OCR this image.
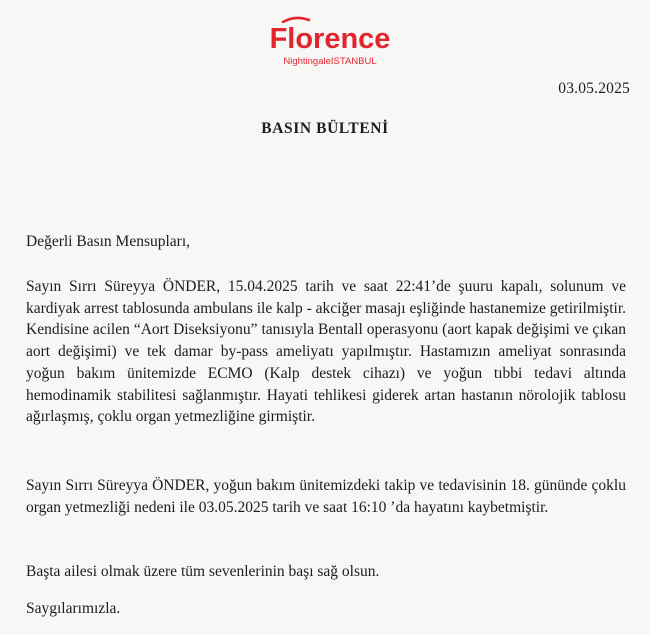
Florence
NightingaleISTANBUL
03.05.2025
BASIN BÜLTENİ
Değerli Basın Mensupları,

Sayın Sırrı Süreyya ÖNDER, 15.04.2025 tarih ve saat 22:41’de şuuru kapalı, solunum ve kardiyak arrest tablosunda ambulans ile kalp - akciğer masajı eşliğinde hastanemize getirilmiştir. Kendisine acilen “Aort Diseksiyonu” tanısıyla Bentall operasyonu (aort kapak değişimi ve çıkan aort değişimi) ve tek damar by-pass ameliyatı yapılmıştır. Hastamızın ameliyat sonrasında yoğun bakım ünitemizde ECMO (Kalp destek cihazı) ve yoğun tıbbi tedavi altında hemodinamik stabilitesi sağlanmıştır. Hayati tehlikesi giderek artan hastanın nörolojik tablosu ağırlaşmış, çoklu organ yetmezliğine girmiştir.

Sayın Sırrı Süreyya ÖNDER, yoğun bakım ünitemizdeki takip ve tedavisinin 18. gününde çoklu organ yetmezliği nedeni ile 03.05.2025 tarih ve saat 16:10 ’da hayatını kaybetmiştir.

Başta ailesi olmak üzere tüm sevenlerinin başı sağ olsun.

Saygılarımızla.
